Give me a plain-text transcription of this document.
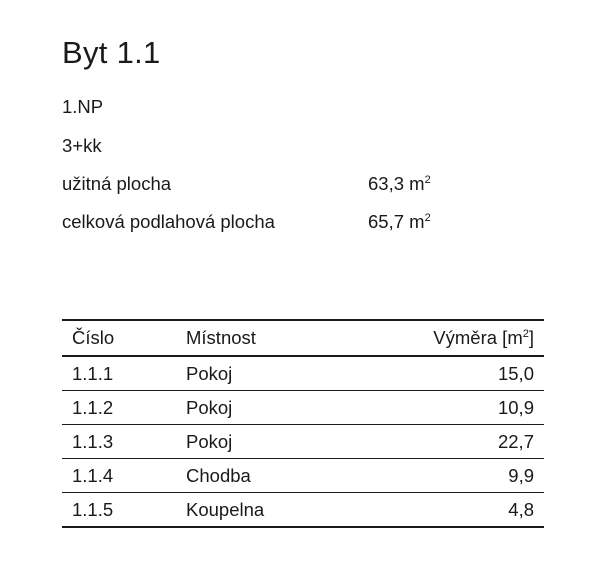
Byt 1.1
1.NP
3+kk
užitná plocha	63,3 $m^2$
celková podlahová plocha	65,7 $m^2$
Číslo	Místnost	Výměra $[m^2]$
1.1.1	Pokoj	15,0
1.1.2	Pokoj	10,9
1.1.3	Pokoj	22,7
1.1.4	Chodba	9,9
1.1.5	Koupelna	4,8
